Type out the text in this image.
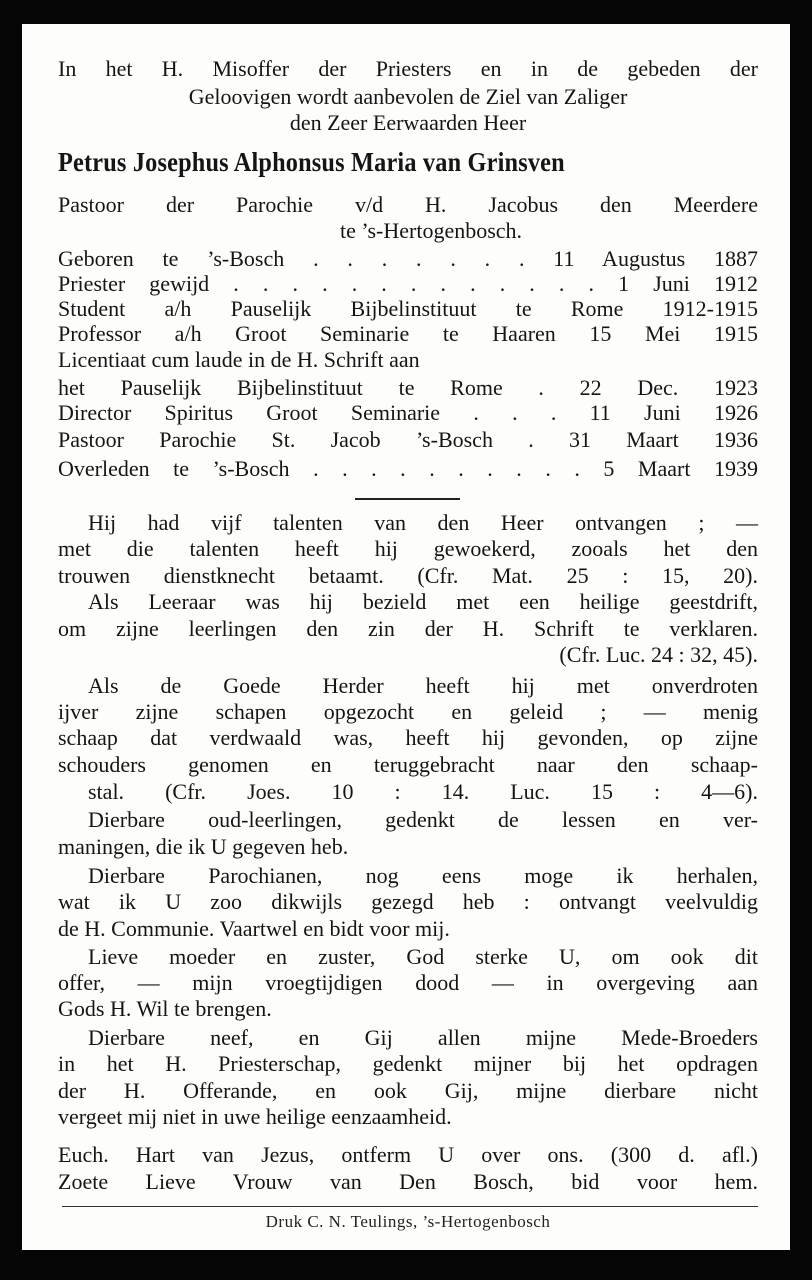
In het H. Misoffer der Priesters en in de gebeden der
Geloovigen wordt aanbevolen de Ziel van Zaliger
den Zeer Eerwaarden Heer
Petrus Josephus Alphonsus Maria van Grinsven
Pastoor der Parochie v/d H. Jacobus den Meerdere
te ’s-Hertogenbosch.
Geboren te ’s-Bosch . . . . . . . 11 Augustus 1887
Priester gewijd . . . . . . . . . . . . . 1 Juni 1912
Student a/h Pauselijk Bijbelinstituut te Rome 1912-1915
Professor a/h Groot Seminarie te Haaren 15 Mei 1915
Licentiaat cum laude in de H. Schrift aan
het Pauselijk Bijbelinstituut te Rome . 22 Dec. 1923
Director Spiritus Groot Seminarie . . . 11 Juni 1926
Pastoor Parochie St. Jacob ’s-Bosch . 31 Maart 1936
Overleden te ’s-Bosch . . . . . . . . . . 5 Maart 1939
Hij had vijf talenten van den Heer ontvangen ; —
met die talenten heeft hij gewoekerd, zooals het den
trouwen dienstknecht betaamt. (Cfr. Mat. 25 : 15, 20).
Als Leeraar was hij bezield met een heilige geestdrift,
om zijne leerlingen den zin der H. Schrift te verklaren.
(Cfr. Luc. 24 : 32, 45).
Als de Goede Herder heeft hij met onverdroten
ijver zijne schapen opgezocht en geleid ; — menig
schaap dat verdwaald was, heeft hij gevonden, op zijne
schouders genomen en teruggebracht naar den schaap-
stal. (Cfr. Joes. 10 : 14. Luc. 15 : 4—6).
Dierbare oud-leerlingen, gedenkt de lessen en ver-
maningen, die ik U gegeven heb.
Dierbare Parochianen, nog eens moge ik herhalen,
wat ik U zoo dikwijls gezegd heb : ontvangt veelvuldig
de H. Communie. Vaartwel en bidt voor mij.
Lieve moeder en zuster, God sterke U, om ook dit
offer, — mijn vroegtijdigen dood — in overgeving aan
Gods H. Wil te brengen.
Dierbare neef, en Gij allen mijne Mede-Broeders
in het H. Priesterschap, gedenkt mijner bij het opdragen
der H. Offerande, en ook Gij, mijne dierbare nicht
vergeet mij niet in uwe heilige eenzaamheid.
Euch. Hart van Jezus, ontferm U over ons. (300 d. afl.)
Zoete Lieve Vrouw van Den Bosch, bid voor hem.
Druk C. N. Teulings, ’s-Hertogenbosch
